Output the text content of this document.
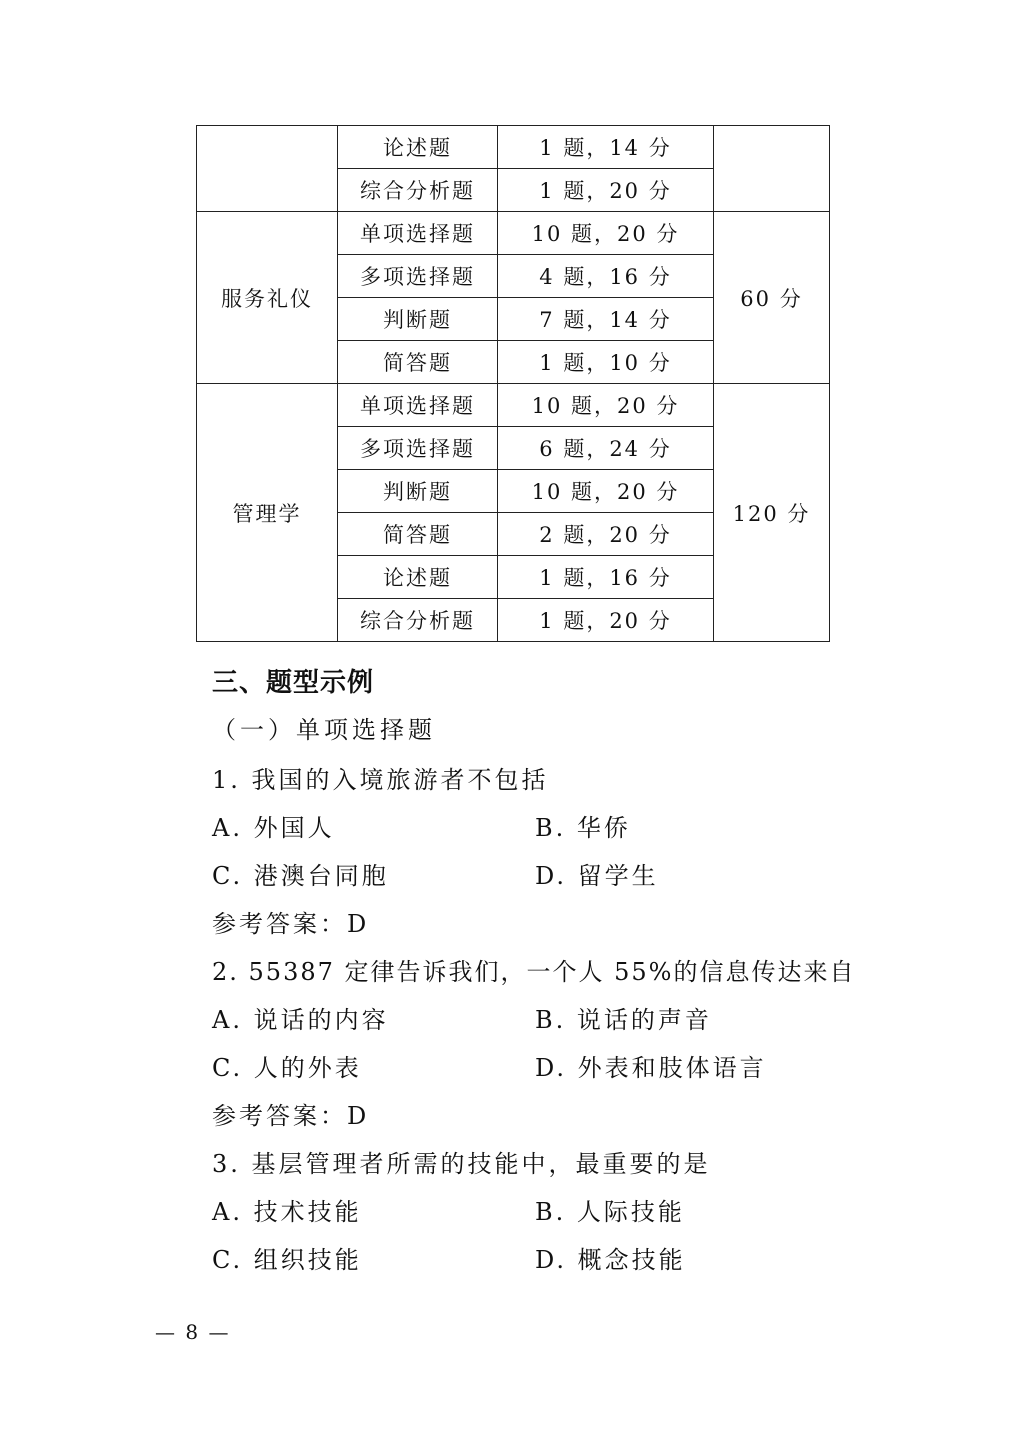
	论述题	1 题，14 分	
	综合分析题	1 题，20 分	
服务礼仪	单项选择题	10 题，20 分	60 分
	多项选择题	4 题，16 分	
	判断题	7 题，14 分	
	简答题	1 题，10 分	
管理学	单项选择题	10 题，20 分	120 分
	多项选择题	6 题，24 分	
	判断题	10 题，20 分	
	简答题	2 题，20 分	
	论述题	1 题，16 分	
	综合分析题	1 题，20 分	
三、题型示例
（一）单项选择题
1. 我国的入境旅游者不包括
A. 外国人	B. 华侨
C. 港澳台同胞	D. 留学生
参考答案：D
2. 55387 定律告诉我们，一个人 55%的信息传达来自
A. 说话的内容	B. 说话的声音
C. 人的外表	D. 外表和肢体语言
参考答案：D
3. 基层管理者所需的技能中，最重要的是
A. 技术技能	B. 人际技能
C. 组织技能	D. 概念技能
— 8 —
